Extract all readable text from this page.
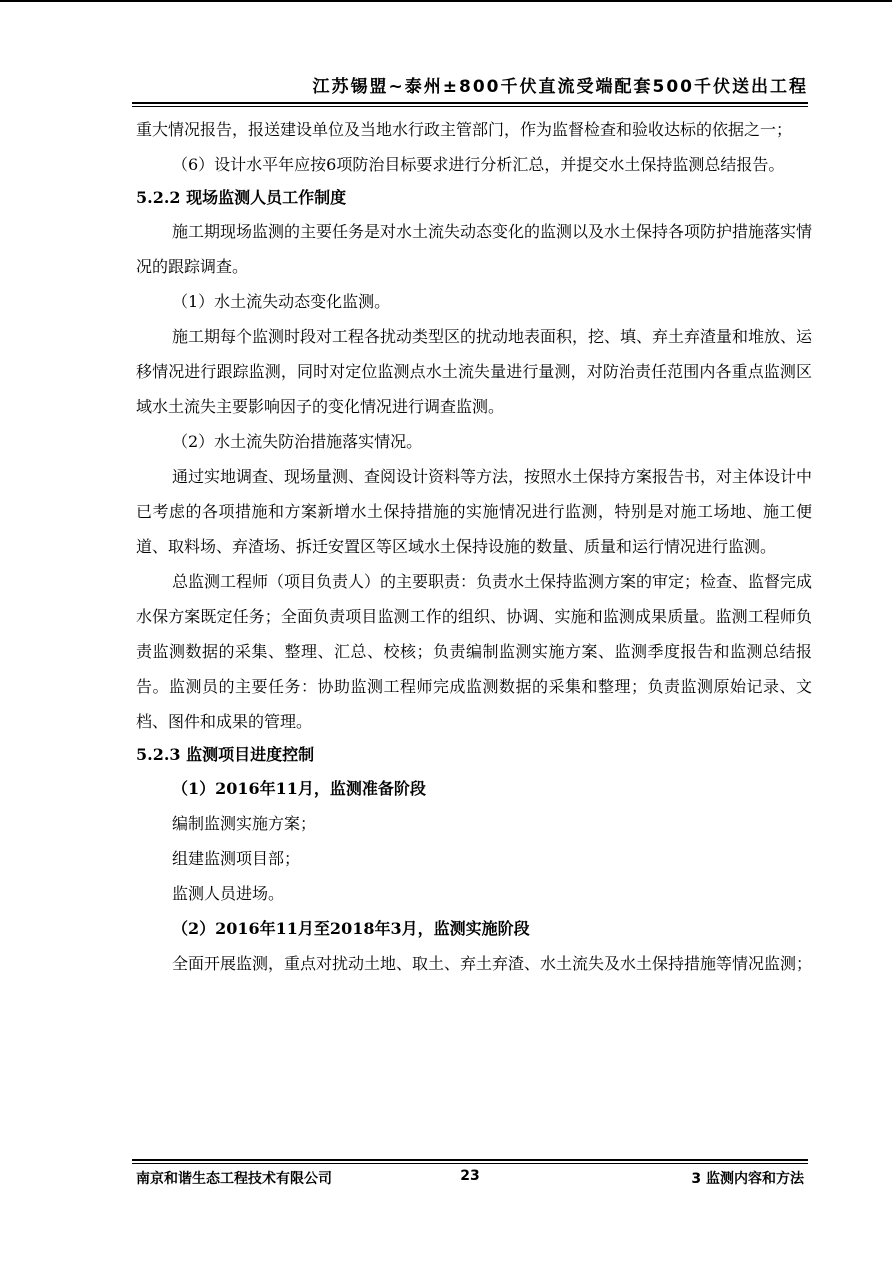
江苏锡盟~泰州±800千伏直流受端配套500千伏送出工程

重大情况报告，报送建设单位及当地水行政主管部门，作为监督检查和验收达标的依据之一；

（6）设计水平年应按6项防治目标要求进行分析汇总，并提交水土保持监测总结报告。

5.2.2 现场监测人员工作制度

施工期现场监测的主要任务是对水土流失动态变化的监测以及水土保持各项防护措施落实情况的跟踪调查。

（1）水土流失动态变化监测。

施工期每个监测时段对工程各扰动类型区的扰动地表面积，挖、填、弃土弃渣量和堆放、运移情况进行跟踪监测，同时对定位监测点水土流失量进行量测，对防治责任范围内各重点监测区域水土流失主要影响因子的变化情况进行调查监测。

（2）水土流失防治措施落实情况。

通过实地调查、现场量测、查阅设计资料等方法，按照水土保持方案报告书，对主体设计中已考虑的各项措施和方案新增水土保持措施的实施情况进行监测，特别是对施工场地、施工便道、取料场、弃渣场、拆迁安置区等区域水土保持设施的数量、质量和运行情况进行监测。

总监测工程师（项目负责人）的主要职责：负责水土保持监测方案的审定；检查、监督完成水保方案既定任务；全面负责项目监测工作的组织、协调、实施和监测成果质量。监测工程师负责监测数据的采集、整理、汇总、校核；负责编制监测实施方案、监测季度报告和监测总结报告。监测员的主要任务：协助监测工程师完成监测数据的采集和整理；负责监测原始记录、文档、图件和成果的管理。

5.2.3 监测项目进度控制

（1）2016年11月，监测准备阶段

编制监测实施方案；

组建监测项目部；

监测人员进场。

（2）2016年11月至2018年3月，监测实施阶段

全面开展监测，重点对扰动土地、取土、弃土弃渣、水土流失及水土保持措施等情况监测；

南京和谐生态工程技术有限公司	23	3 监测内容和方法
